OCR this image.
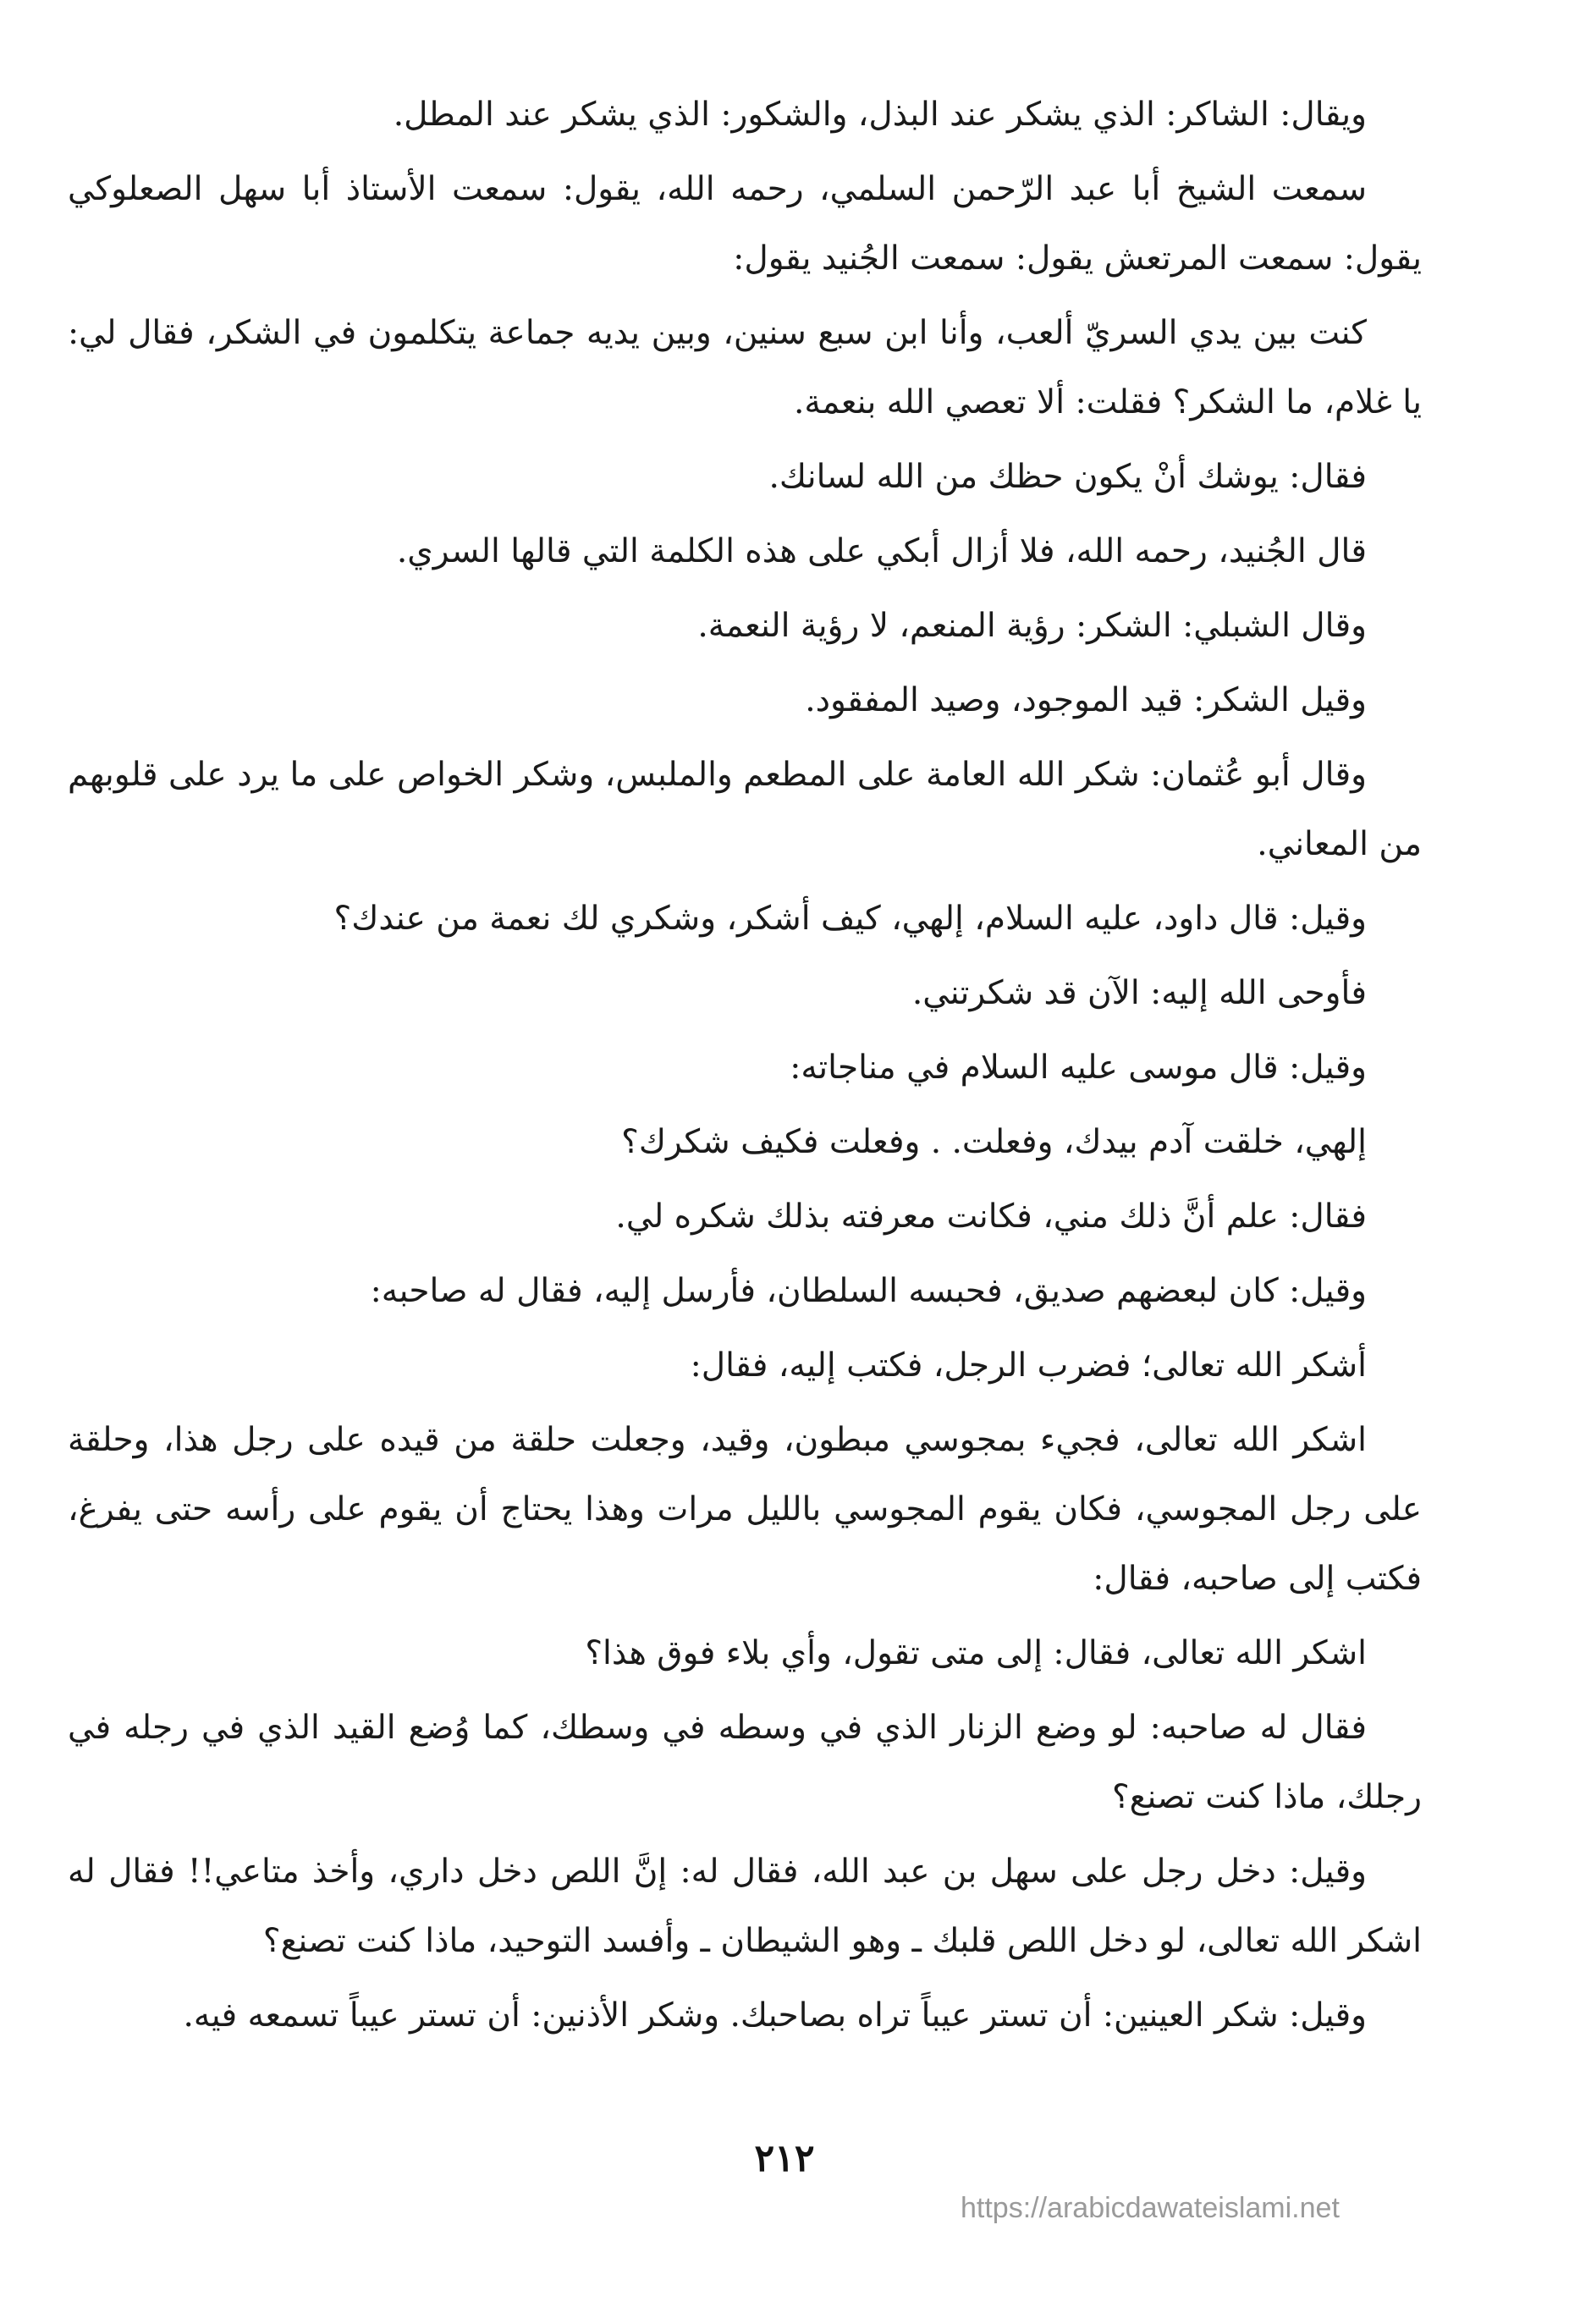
ويقال: الشاكر: الذي يشكر عند البذل، والشكور: الذي يشكر عند المطل.

سمعت الشيخ أبا عبد الرّحمن السلمي، رحمه الله، يقول: سمعت الأستاذ أبا سهل الصعلوكي يقول: سمعت المرتعش يقول: سمعت الجُنيد يقول:

كنت بين يدي السريّ ألعب، وأنا ابن سبع سنين، وبين يديه جماعة يتكلمون في الشكر، فقال لي: يا غلام، ما الشكر؟ فقلت: ألا تعصي الله بنعمة.

فقال: يوشك أنْ يكون حظك من الله لسانك.

قال الجُنيد، رحمه الله، فلا أزال أبكي على هذه الكلمة التي قالها السري.

وقال الشبلي: الشكر: رؤية المنعم، لا رؤية النعمة.

وقيل الشكر: قيد الموجود، وصيد المفقود.

وقال أبو عُثمان: شكر الله العامة على المطعم والملبس، وشكر الخواص على ما يرد على قلوبهم من المعاني.

وقيل: قال داود، عليه السلام، إلهي، كيف أشكر، وشكري لك نعمة من عندك؟

فأوحى الله إليه: الآن قد شكرتني.

وقيل: قال موسى عليه السلام في مناجاته:

إلهي، خلقت آدم بيدك، وفعلت. . وفعلت فكيف شكرك؟

فقال: علم أنَّ ذلك مني، فكانت معرفته بذلك شكره لي.

وقيل: كان لبعضهم صديق، فحبسه السلطان، فأرسل إليه، فقال له صاحبه:

أشكر الله تعالى؛ فضرب الرجل، فكتب إليه، فقال:

اشكر الله تعالى، فجيء بمجوسي مبطون، وقيد، وجعلت حلقة من قيده على رجل هذا، وحلقة على رجل المجوسي، فكان يقوم المجوسي بالليل مرات وهذا يحتاج أن يقوم على رأسه حتى يفرغ، فكتب إلى صاحبه، فقال:

اشكر الله تعالى، فقال: إلى متى تقول، وأي بلاء فوق هذا؟

فقال له صاحبه: لو وضع الزنار الذي في وسطه في وسطك، كما وُضع القيد الذي في رجله في رجلك، ماذا كنت تصنع؟

وقيل: دخل رجل على سهل بن عبد الله، فقال له: إنَّ اللص دخل داري، وأخذ متاعي!! فقال له اشكر الله تعالى، لو دخل اللص قلبك ـ وهو الشيطان ـ وأفسد التوحيد، ماذا كنت تصنع؟

وقيل: شكر العينين: أن تستر عيباً تراه بصاحبك. وشكر الأذنين: أن تستر عيباً تسمعه فيه.

٢١٢
https://arabicdawateislami.net
